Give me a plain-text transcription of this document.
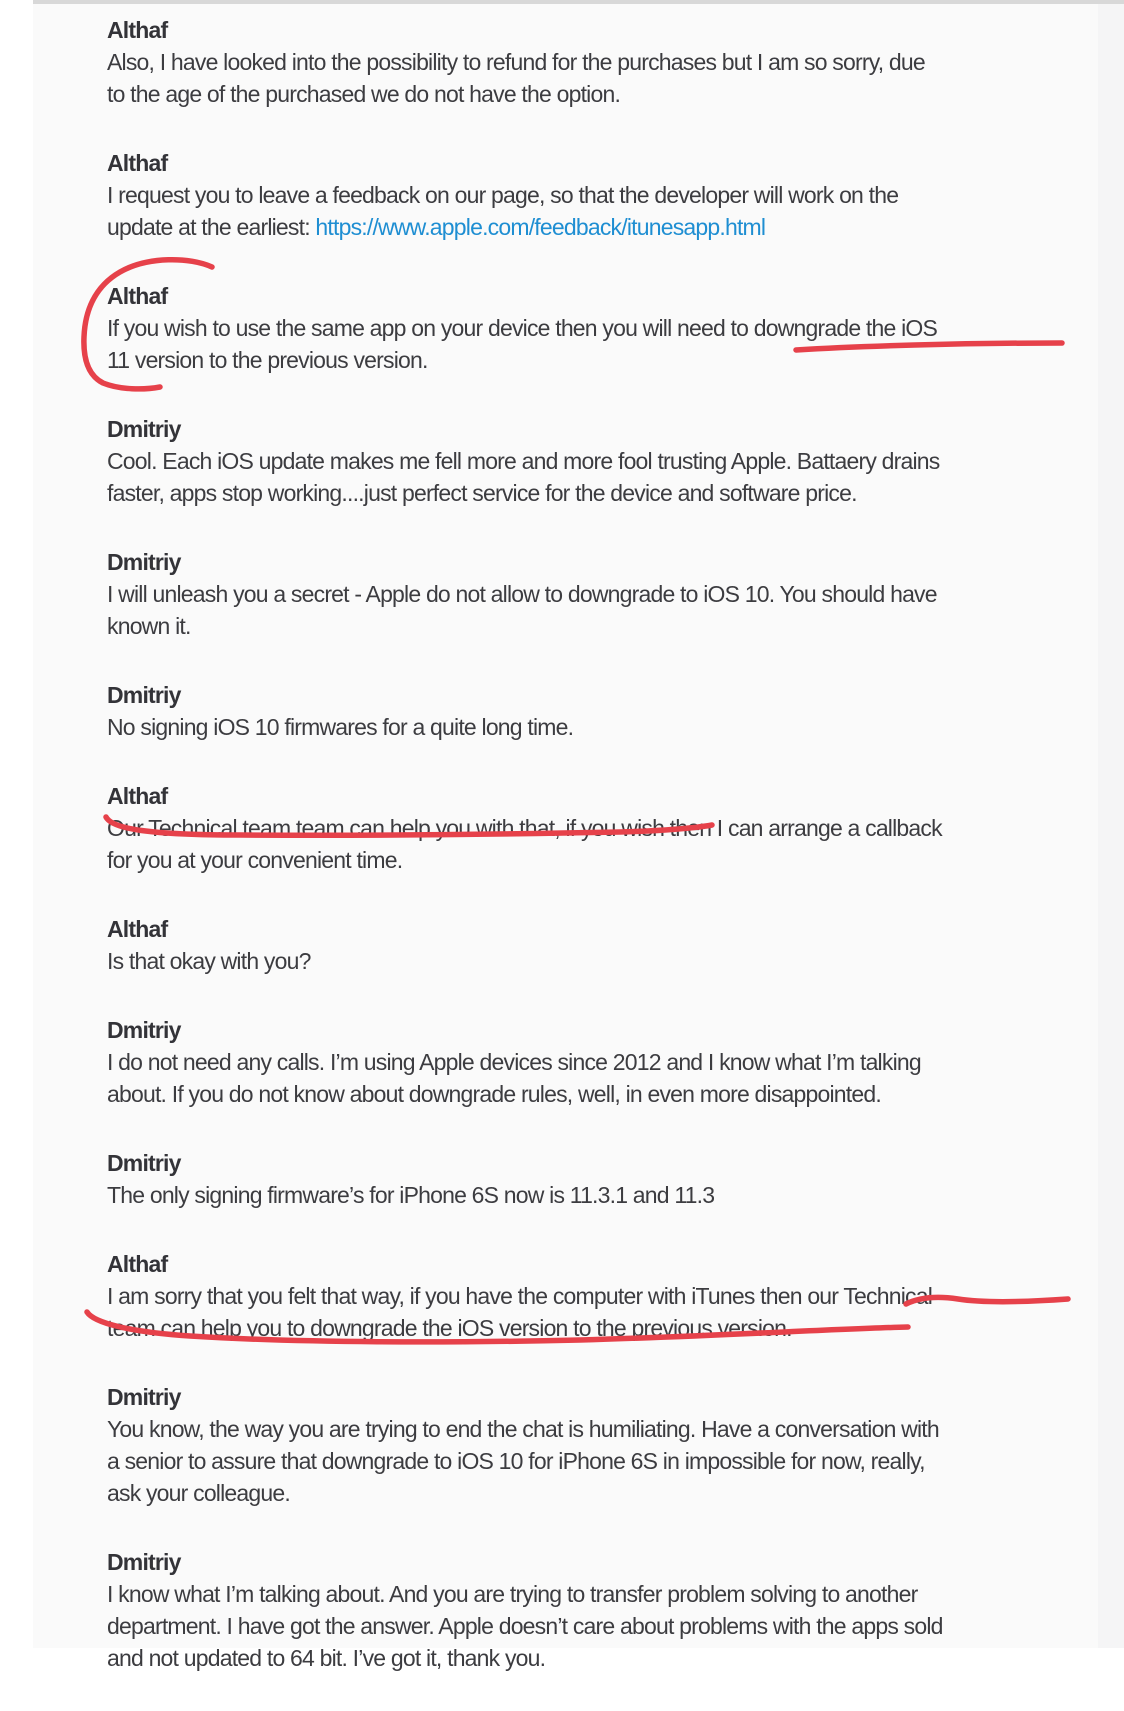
Althaf
Also, I have looked into the possibility to refund for the purchases but I am so sorry, due
to the age of the purchased we do not have the option.
Althaf
I request you to leave a feedback on our page, so that the developer will work on the
update at the earliest: https://www.apple.com/feedback/itunesapp.html
Althaf
If you wish to use the same app on your device then you will need to downgrade the iOS
11 version to the previous version.
Dmitriy
Cool. Each iOS update makes me fell more and more fool trusting Apple. Battaery drains
faster, apps stop working....just perfect service for the device and software price.
Dmitriy
I will unleash you a secret - Apple do not allow to downgrade to iOS 10. You should have
known it.
Dmitriy
No signing iOS 10 firmwares for a quite long time.
Althaf
Our Technical team team can help you with that, if you wish then I can arrange a callback
for you at your convenient time.
Althaf
Is that okay with you?
Dmitriy
I do not need any calls. I’m using Apple devices since 2012 and I know what I’m talking
about. If you do not know about downgrade rules, well, in even more disappointed.
Dmitriy
The only signing firmware’s for iPhone 6S now is 11.3.1 and 11.3
Althaf
I am sorry that you felt that way, if you have the computer with iTunes then our Technical
team can help you to downgrade the iOS version to the previous version.
Dmitriy
You know, the way you are trying to end the chat is humiliating. Have a conversation with
a senior to assure that downgrade to iOS 10 for iPhone 6S in impossible for now, really,
ask your colleague.
Dmitriy
I know what I’m talking about. And you are trying to transfer problem solving to another
department. I have got the answer. Apple doesn’t care about problems with the apps sold
and not updated to 64 bit. I’ve got it, thank you.
